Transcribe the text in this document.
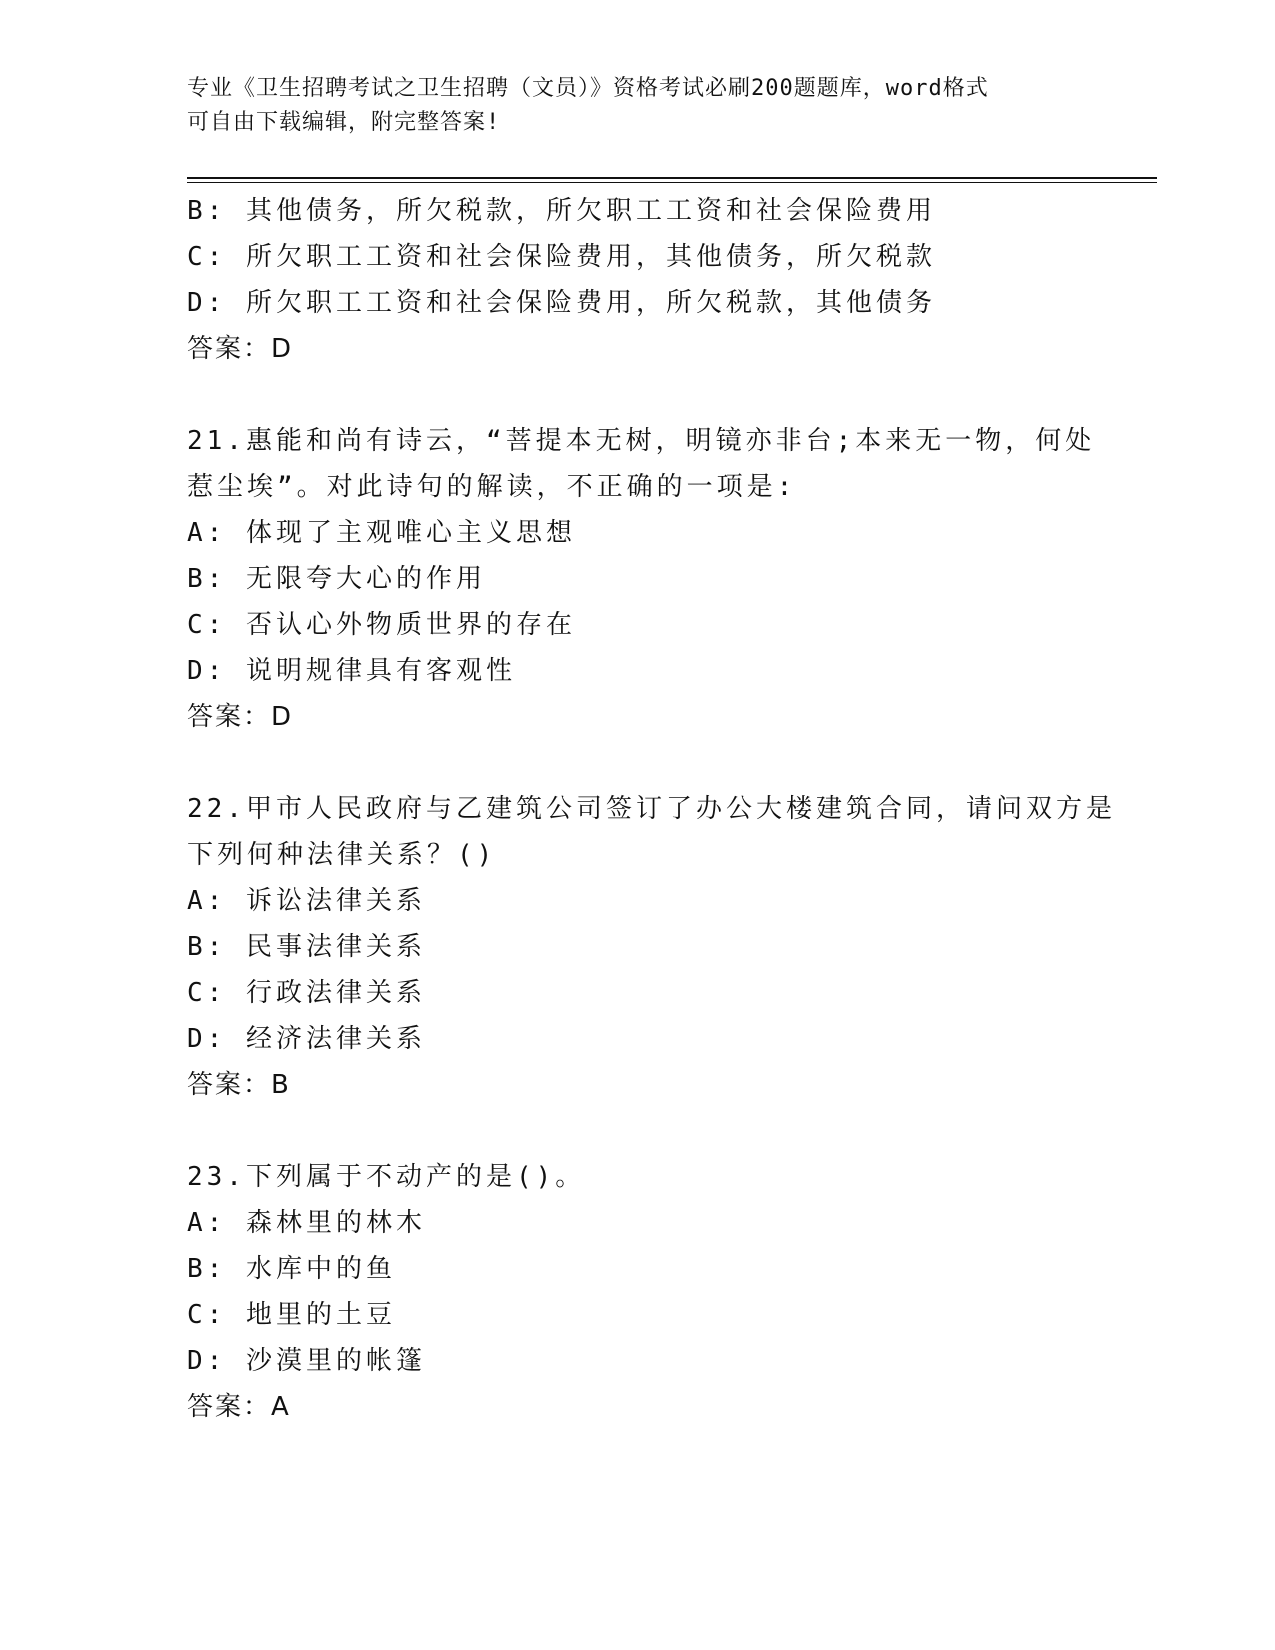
专业《卫生招聘考试之卫生招聘（文员）》资格考试必刷200题题库，word格式
可自由下载编辑，附完整答案!
B: 其他债务，所欠税款，所欠职工工资和社会保险费用
C: 所欠职工工资和社会保险费用，其他债务，所欠税款
D: 所欠职工工资和社会保险费用，所欠税款，其他债务
答案：D
21.惠能和尚有诗云，“菩提本无树，明镜亦非台;本来无一物，何处
惹尘埃”。对此诗句的解读，不正确的一项是:
A: 体现了主观唯心主义思想
B: 无限夸大心的作用
C: 否认心外物质世界的存在
D: 说明规律具有客观性
答案：D
22.甲市人民政府与乙建筑公司签订了办公大楼建筑合同，请问双方是
下列何种法律关系？()
A: 诉讼法律关系
B: 民事法律关系
C: 行政法律关系
D: 经济法律关系
答案：B
23.下列属于不动产的是()。
A: 森林里的林木
B: 水库中的鱼
C: 地里的土豆
D: 沙漠里的帐篷
答案：A
